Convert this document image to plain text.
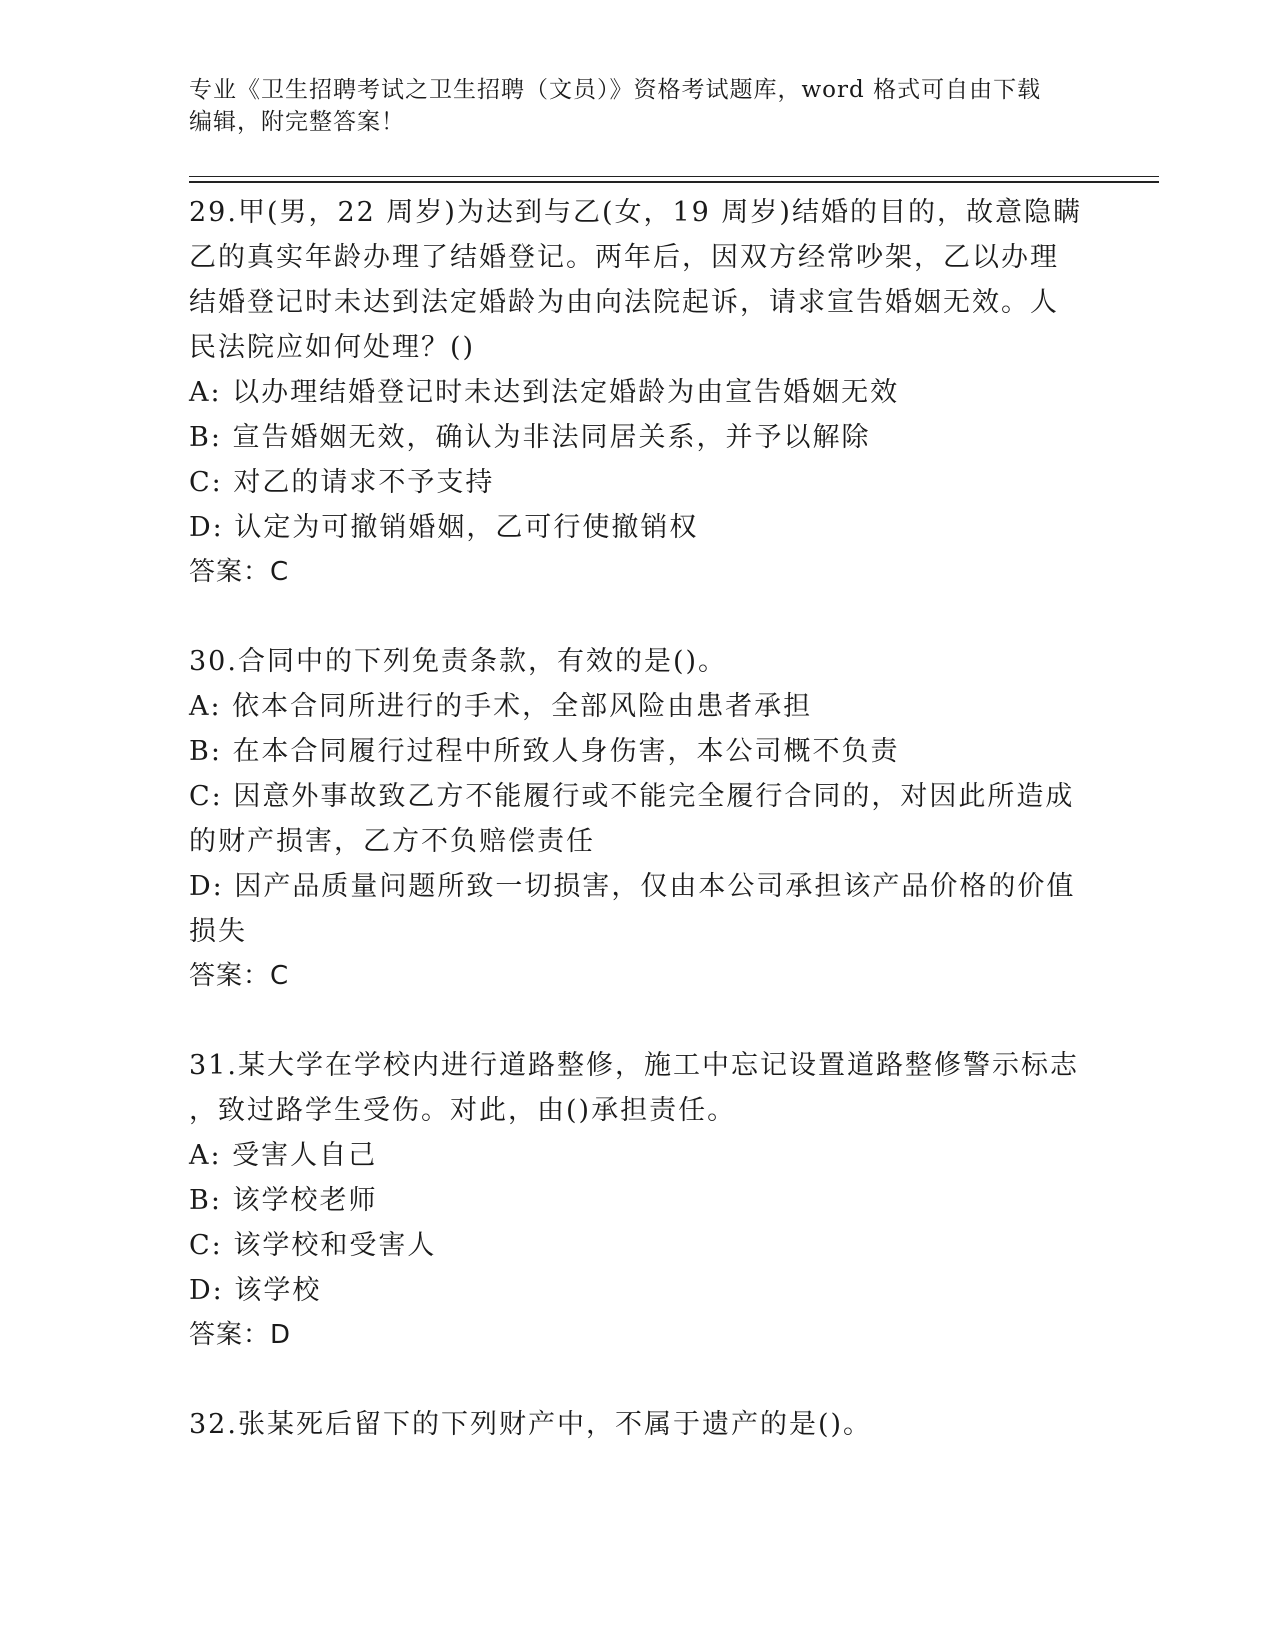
专业《卫生招聘考试之卫生招聘（文员）》资格考试题库，word 格式可自由下载
编辑，附完整答案！
29.甲(男，22 周岁)为达到与乙(女，19 周岁)结婚的目的，故意隐瞒
乙的真实年龄办理了结婚登记。两年后，因双方经常吵架，乙以办理
结婚登记时未达到法定婚龄为由向法院起诉，请求宣告婚姻无效。人
民法院应如何处理？()
A: 以办理结婚登记时未达到法定婚龄为由宣告婚姻无效
B: 宣告婚姻无效，确认为非法同居关系，并予以解除
C: 对乙的请求不予支持
D: 认定为可撤销婚姻，乙可行使撤销权
答案：C
30.合同中的下列免责条款，有效的是()。
A: 依本合同所进行的手术，全部风险由患者承担
B: 在本合同履行过程中所致人身伤害，本公司概不负责
C: 因意外事故致乙方不能履行或不能完全履行合同的，对因此所造成
的财产损害，乙方不负赔偿责任
D: 因产品质量问题所致一切损害，仅由本公司承担该产品价格的价值
损失
答案：C
31.某大学在学校内进行道路整修，施工中忘记设置道路整修警示标志
，致过路学生受伤。对此，由()承担责任。
A: 受害人自己
B: 该学校老师
C: 该学校和受害人
D: 该学校
答案：D
32.张某死后留下的下列财产中，不属于遗产的是()。
